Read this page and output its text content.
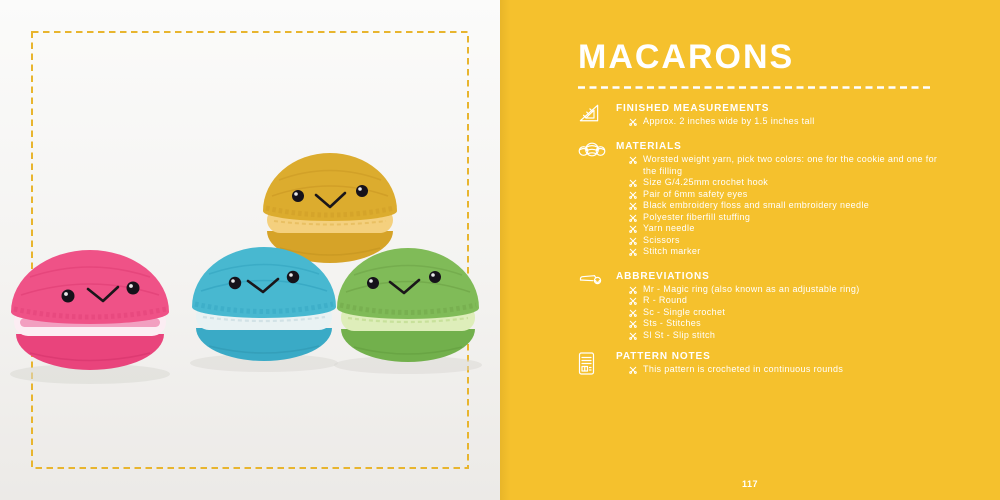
MACARONS
FINISHED MEASUREMENTS
Approx. 2 inches wide by 1.5 inches tall
MATERIALS
Worsted weight yarn, pick two colors: one for the cookie and one for the filling
Size G/4.25mm crochet hook
Pair of 6mm safety eyes
Black embroidery floss and small embroidery needle
Polyester fiberfill stuffing
Yarn needle
Scissors
Stitch marker
ABBREVIATIONS
Mr - Magic ring (also known as an adjustable ring)
R - Round
Sc - Single crochet
Sts - Stitches
Sl St - Slip stitch
PATTERN NOTES
This pattern is crocheted in continuous rounds
117
